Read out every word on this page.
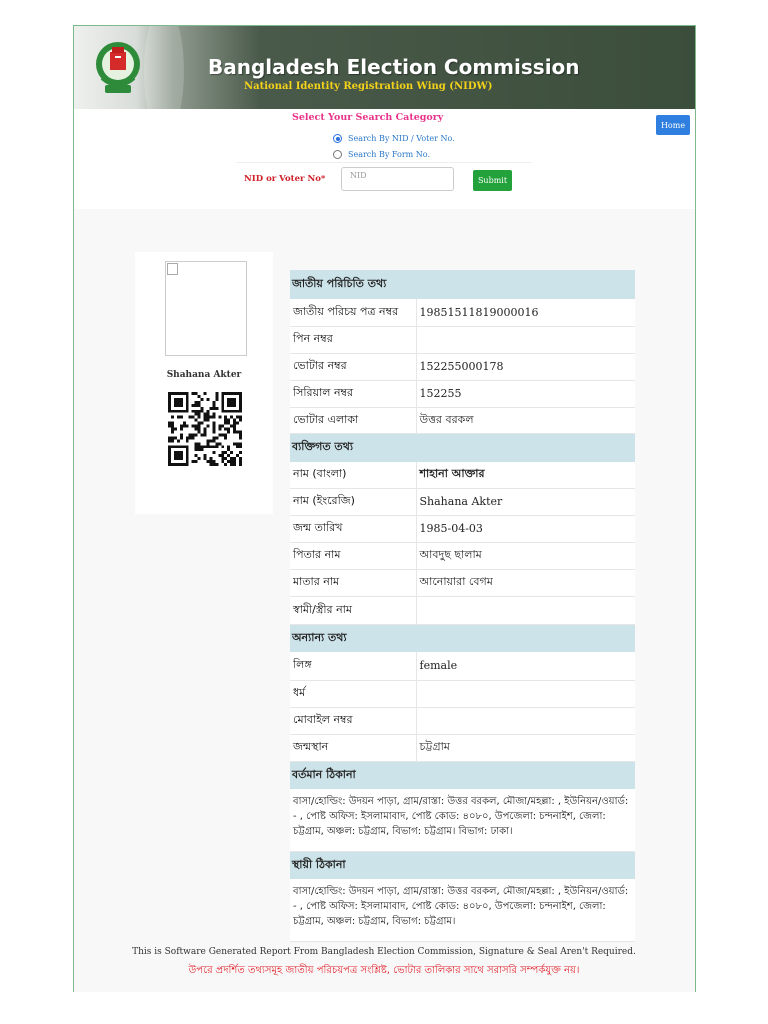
Bangladesh Election Commission
National Identity Registration Wing (NIDW)
Select Your Search Category
Search By NID / Voter No.
Search By Form No.
NID or Voter No*	NID
Submit
Home
Shahana Akter
জাতীয় পরিচিতি তথ্য	
জাতীয় পরিচয় পত্র নম্বর	19851511819000016
পিন নম্বর	
ভোটার নম্বর	152255000178
সিরিয়াল নম্বর	152255
ভোটার এলাকা	উত্তর বরকল
ব্যক্তিগত তথ্য	
নাম (বাংলা)	শাহানা আক্তার
নাম (ইংরেজি)	Shahana Akter
জন্ম তারিখ	1985-04-03
পিতার নাম	আবদুছ ছালাম
মাতার নাম	আনোয়ারা বেগম
স্বামী/স্ত্রীর নাম	
অন্যান্য তথ্য	
লিঙ্গ	female
ধর্ম	
মোবাইল নম্বর	
জন্মস্থান	চট্টগ্রাম
বর্তমান ঠিকানা	
বাসা/হোল্ডিং: উদয়ন পাড়া, গ্রাম/রাস্তা: উত্তর বরকল, মৌজা/মহল্লা: , ইউনিয়ন/ওয়ার্ড: - , পোষ্ট অফিস: ইসলামাবাদ, পোষ্ট কোড: ৪০৮০, উপজেলা: চন্দনাইশ, জেলা: চট্টগ্রাম, অঞ্চল: চট্টগ্রাম, বিভাগ: চট্টগ্রাম। বিভাগ: ঢাকা।	
স্থায়ী ঠিকানা	
বাসা/হোল্ডিং: উদয়ন পাড়া, গ্রাম/রাস্তা: উত্তর বরকল, মৌজা/মহল্লা: , ইউনিয়ন/ওয়ার্ড: - , পোষ্ট অফিস: ইসলামাবাদ, পোষ্ট কোড: ৪০৮০, উপজেলা: চন্দনাইশ, জেলা: চট্টগ্রাম, অঞ্চল: চট্টগ্রাম, বিভাগ: চট্টগ্রাম।	
This is Software Generated Report From Bangladesh Election Commission, Signature & Seal Aren't Required.
উপরে প্রদর্শিত তথ্যসমূহ জাতীয় পরিচয়পত্র সংশ্লিষ্ট, ভোটার তালিকার সাথে সরাসরি সম্পর্কযুক্ত নয়।
